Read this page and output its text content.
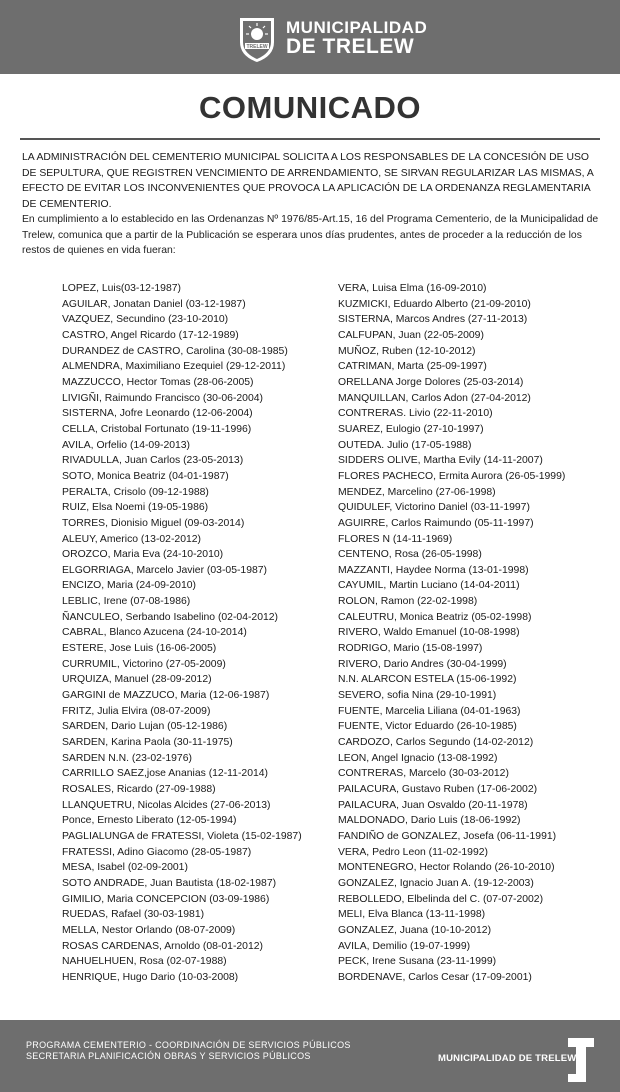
TRELEW
MUNICIPALIDAD
DE TRELEW
COMUNICADO
LA ADMINISTRACIÓN DEL CEMENTERIO MUNICIPAL SOLICITA A LOS RESPONSABLES DE LA CONCESIÓN DE USO DE SEPULTURA, QUE REGISTREN VENCIMIENTO DE ARRENDAMIENTO, SE SIRVAN REGULARIZAR LAS MISMAS, A EFECTO DE EVITAR LOS INCONVENIENTES QUE PROVOCA LA APLICACIÓN DE LA ORDENANZA REGLAMENTARIA DE CEMENTERIO.
En cumplimiento a lo establecido en las Ordenanzas Nº 1976/85-Art.15, 16 del Programa Cementerio, de la Municipalidad de Trelew, comunica que a partir de la Publicación se esperara unos días prudentes, antes de proceder a la reducción de los restos de quienes en vida fueran:
LOPEZ, Luis(03-12-1987)
AGUILAR, Jonatan Daniel (03-12-1987)
VAZQUEZ, Secundino (23-10-2010)
CASTRO, Angel Ricardo (17-12-1989)
DURANDEZ de CASTRO, Carolina (30-08-1985)
ALMENDRA, Maximiliano Ezequiel (29-12-2011)
MAZZUCCO, Hector Tomas (28-06-2005)
LIVIGÑI, Raimundo Francisco (30-06-2004)
SISTERNA, Jofre Leonardo (12-06-2004)
CELLA, Cristobal Fortunato (19-11-1996)
AVILA, Orfelio (14-09-2013)
RIVADULLA, Juan Carlos (23-05-2013)
SOTO, Monica Beatriz (04-01-1987)
PERALTA, Crisolo (09-12-1988)
RUIZ, Elsa Noemi (19-05-1986)
TORRES, Dionisio Miguel (09-03-2014)
ALEUY, Americo (13-02-2012)
OROZCO, Maria Eva (24-10-2010)
ELGORRIAGA, Marcelo Javier (03-05-1987)
ENCIZO, Maria (24-09-2010)
LEBLIC, Irene (07-08-1986)
ÑANCULEO, Serbando Isabelino (02-04-2012)
CABRAL, Blanco Azucena (24-10-2014)
ESTERE, Jose Luis (16-06-2005)
CURRUMIL, Victorino (27-05-2009)
URQUIZA, Manuel (28-09-2012)
GARGINI de MAZZUCO, Maria (12-06-1987)
FRITZ, Julia Elvira (08-07-2009)
SARDEN, Dario Lujan (05-12-1986)
SARDEN, Karina Paola (30-11-1975)
SARDEN N.N. (23-02-1976)
CARRILLO SAEZ,jose Ananias (12-11-2014)
ROSALES, Ricardo (27-09-1988)
LLANQUETRU, Nicolas Alcides (27-06-2013)
Ponce, Ernesto Liberato (12-05-1994)
PAGLIALUNGA de FRATESSI, Violeta (15-02-1987)
FRATESSI, Adino Giacomo (28-05-1987)
MESA, Isabel (02-09-2001)
SOTO ANDRADE, Juan Bautista (18-02-1987)
GIMILIO, Maria CONCEPCION (03-09-1986)
RUEDAS, Rafael (30-03-1981)
MELLA, Nestor Orlando (08-07-2009)
ROSAS CARDENAS, Arnoldo (08-01-2012)
NAHUELHUEN, Rosa (02-07-1988)
HENRIQUE, Hugo Dario (10-03-2008)
VERA, Luisa Elma (16-09-2010)
KUZMICKI, Eduardo Alberto (21-09-2010)
SISTERNA, Marcos Andres (27-11-2013)
CALFUPAN, Juan (22-05-2009)
MUÑOZ, Ruben (12-10-2012)
CATRIMAN, Marta (25-09-1997)
ORELLANA Jorge Dolores (25-03-2014)
MANQUILLAN, Carlos Adon (27-04-2012)
CONTRERAS. Livio (22-11-2010)
SUAREZ, Eulogio (27-10-1997)
OUTEDA. Julio (17-05-1988)
SIDDERS OLIVE, Martha Evily (14-11-2007)
FLORES PACHECO, Ermita Aurora (26-05-1999)
MENDEZ, Marcelino (27-06-1998)
QUIDULEF, Victorino Daniel (03-11-1997)
AGUIRRE, Carlos Raimundo (05-11-1997)
FLORES N (14-11-1969)
CENTENO, Rosa (26-05-1998)
MAZZANTI, Haydee Norma (13-01-1998)
CAYUMIL, Martin Luciano (14-04-2011)
ROLON, Ramon (22-02-1998)
CALEUTRU, Monica Beatriz (05-02-1998)
RIVERO, Waldo Emanuel (10-08-1998)
RODRIGO, Mario (15-08-1997)
RIVERO, Dario Andres (30-04-1999)
N.N. ALARCON ESTELA (15-06-1992)
SEVERO, sofia Nina (29-10-1991)
FUENTE, Marcelia Liliana (04-01-1963)
FUENTE, Victor Eduardo (26-10-1985)
CARDOZO, Carlos Segundo (14-02-2012)
LEON, Angel Ignacio (13-08-1992)
CONTRERAS, Marcelo (30-03-2012)
PAILACURA, Gustavo Ruben (17-06-2002)
PAILACURA, Juan Osvaldo (20-11-1978)
MALDONADO, Dario Luis (18-06-1992)
FANDIÑO de GONZALEZ, Josefa (06-11-1991)
VERA, Pedro Leon (11-02-1992)
MONTENEGRO, Hector Rolando (26-10-2010)
GONZALEZ, Ignacio Juan A. (19-12-2003)
REBOLLEDO, Elbelinda del C. (07-07-2002)
MELI, Elva Blanca (13-11-1998)
GONZALEZ, Juana (10-10-2012)
AVILA, Demilio (19-07-1999)
PECK, Irene Susana (23-11-1999)
BORDENAVE, Carlos Cesar (17-09-2001)
PROGRAMA CEMENTERIO - COORDINACIÓN DE SERVICIOS PÚBLICOS
SECRETARIA PLANIFICACIÓN OBRAS Y SERVICIOS PÚBLICOS	MUNICIPALIDAD DE TRELEW
